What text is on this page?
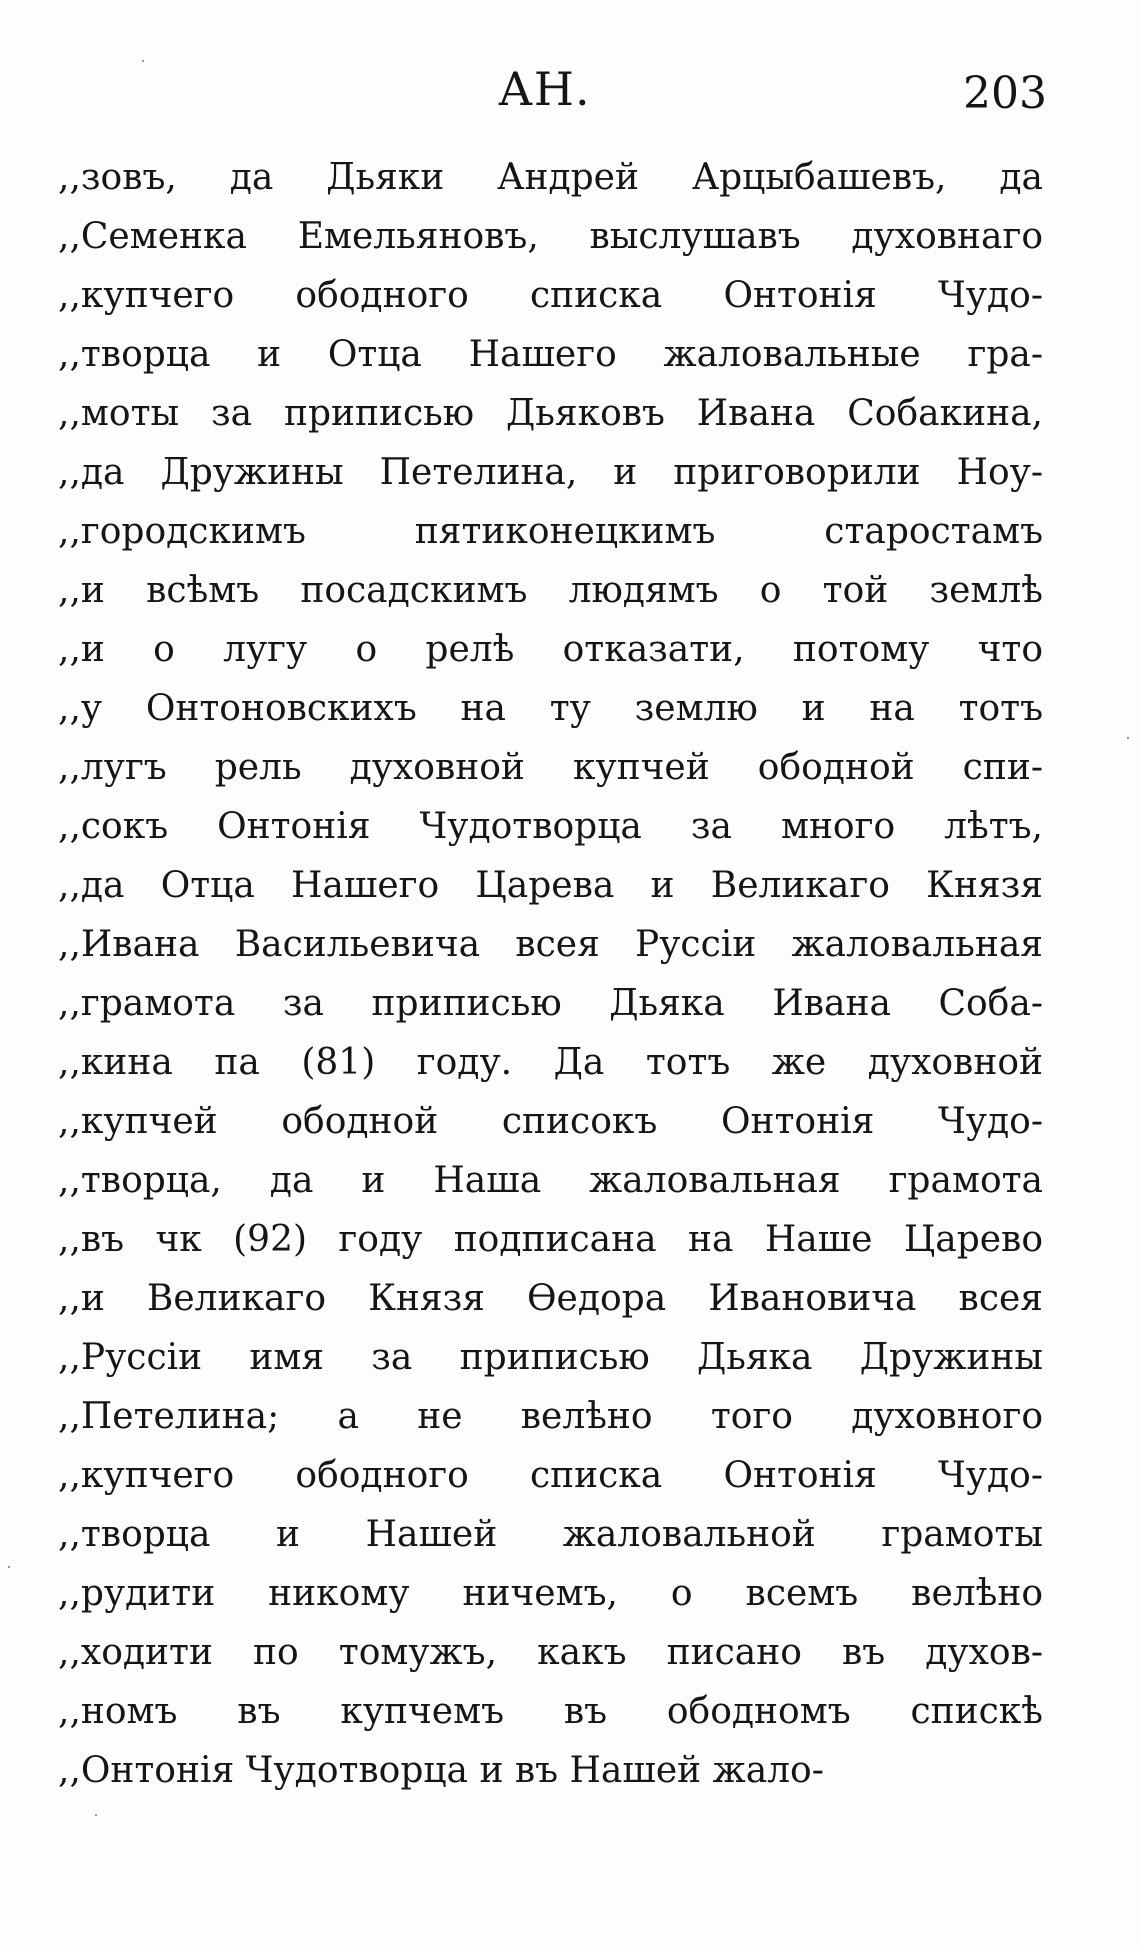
АН.	203
,,зовъ, да Дьяки Андрей Арцыбашевъ, да
,,Семенка Емельяновъ, выслушавъ духовнаго
,,купчего ободного списка Онтонія Чудо-
,,творца и Отца Нашего жаловальные гра-
,,моты за приписью Дьяковъ Ивана Собакина,
,,да Дружины Петелина, и приговорили Ноу-
,,городскимъ пятиконецкимъ старостамъ
,,и всѣмъ посадскимъ людямъ о той землѣ
,,и о лугу о релѣ отказати, потому что
,,у Онтоновскихъ на ту землю и на тотъ
,,лугъ рель духовной купчей ободной спи-
,,сокъ Онтонія Чудотворца за много лѣтъ,
,,да Отца Нашего Царева и Великаго Князя
,,Ивана Васильевича всея Руссіи жаловальная
,,грамота за приписью Дьяка Ивана Соба-
,,кина па (81) году. Да тотъ же духовной
,,купчей ободной списокъ Онтонія Чудо-
,,творца, да и Наша жаловальная грамота
,,въ чк (92) году подписана на Наше Царево
,,и Великаго Князя Ѳедора Ивановича всея
,,Руссіи имя за приписью Дьяка Дружины
,,Петелина; а не велѣно того духовного
,,купчего ободного списка Онтонія Чудо-
,,творца и Нашей жаловальной грамоты
,,рудити никому ничемъ, о всемъ велѣно
,,ходити по томужъ, какъ писано въ духов-
,,номъ въ купчемъ въ ободномъ спискѣ
,,Онтонія Чудотворца и въ Нашей жало-
